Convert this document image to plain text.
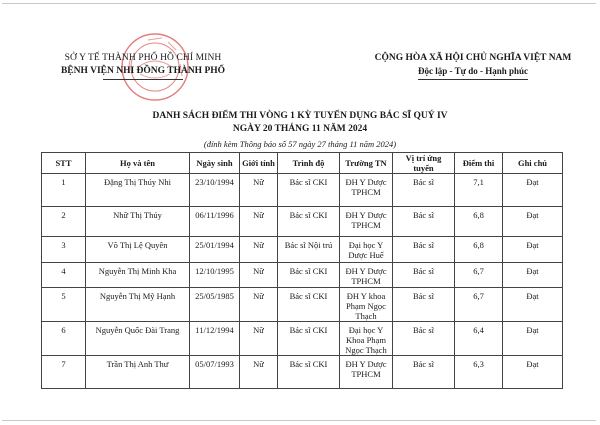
SỞ Y TẾ THÀNH PHỐ HỒ CHÍ MINH
BỆNH VIỆN NHI ĐỒNG THÀNH PHỐ
CỘNG HÒA XÃ HỘI CHỦ NGHĨA VIỆT NAM
Độc lập - Tự do - Hạnh phúc
DANH SÁCH ĐIỂM THI VÒNG 1 KỲ TUYỂN DỤNG BÁC SĨ QUÝ IV
NGÀY 20 THÁNG 11 NĂM 2024
(đính kèm Thông báo số 57 ngày 27 tháng 11 năm 2024)
STT	Họ và tên	Ngày sinh	Giới tính	Trình độ	Trường TN	Vị trí ứng tuyển	Điểm thi	Ghi chú
1	Đặng Thị Thúy Nhi	23/10/1994	Nữ	Bác sĩ CKI	ĐH Y Dược TPHCM	Bác sĩ	7,1	Đạt
2	Nhữ Thị Thúy	06/11/1996	Nữ	Bác sĩ CKI	ĐH Y Dược TPHCM	Bác sĩ	6,8	Đạt
3	Võ Thị Lệ Quyên	25/01/1994	Nữ	Bác sĩ Nội trú	Đại học Y Dược Huế	Bác sĩ	6,8	Đạt
4	Nguyễn Thị Minh Kha	12/10/1995	Nữ	Bác sĩ CKI	ĐH Y Dược TPHCM	Bác sĩ	6,7	Đạt
5	Nguyễn Thị Mỹ Hạnh	25/05/1985	Nữ	Bác sĩ CKI	ĐH Y khoa Phạm Ngọc Thạch	Bác sĩ	6,7	Đạt
6	Nguyễn Quốc Đài Trang	11/12/1994	Nữ	Bác sĩ CKI	Đại học Y Khoa Phạm Ngọc Thạch	Bác sĩ	6,4	Đạt
7	Trần Thị Anh Thư	05/07/1993	Nữ	Bác sĩ CKI	ĐH Y Dược TPHCM	Bác sĩ	6,3	Đạt
